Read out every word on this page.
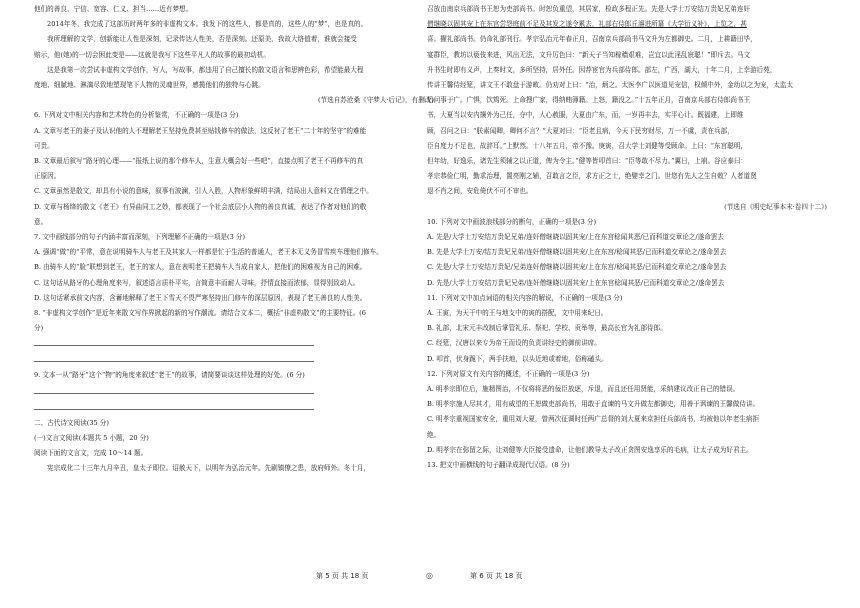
他们的善良、宁信、宽容、仁义、担当……近有梦想。

2014年冬，我完成了这部历时两年多的非虚构文本。我发下的这些人，都是真的，这些人的“梦”，也是真的。

我所理解的文学，创新能让人性是深刻，记录传达人性美，否是深刻。还原美，我故大络值着，谁就会接受

赔示，他(她)的一切会困此变是——这就是我写下这些平凡人的故事的最初动机。

这是我第一次尝试非虚构文学创作，写人，写故事，都违用了自己擅长的散文语言和思辨色彩，希望能最大程

度地、细腻地、淋漓尽致地塑现笔下人物的灵魂世界，感揽他们的独特与心跳。

(节选自苏沧桑《守梦人·后记》，有删改)

6. 下列对文中相关内容和艺术特色的分析鉴赏，不正确的一项是(3 分)

A. 文章写老王的妻子及认识他的人不理解老王坚持免费甚至贴钱修车的做法，这反衬了老王“二十年的坚守”的难能

可贵。

B. 文章最后叙写“路牙的心理——“报纸上说的那个修车人，生意大概会好一些吧”，直接点明了老王不再修车的真

正原因。

C. 文章虽然是散文，却具有小说的意味，叙事有波澜，引人入胜，人物形象鲜明丰满，结局出人意料又在情理之中。

D. 文章与杨绛的散文《老王》有异曲同工之妙，都表现了一个社会底层小人物的善良真诚，表达了作者对他们的敬

意。

7. 文中画线部分的句子内涵丰富而深刻，下列理解不正确的一项是(3 分)

A. 强调“做”的“平常，意在说明骑车人与老王及其家人一样都是忙于生活的普通人，老王本无义务冒雪疾车理他们修车。

B. 由骑车人的“脸”联想到老王，老王的家人，意在表明老王把骑车人当成自家人，把他们的困难视为自己的困难。

C. 这句话从路牙的心理角度来写，叙述语言质朴平实，言简意丰而耐人寻味，抒情直接而浓郁，显得别致动人。

D. 这句话紧承前文内容，含蓄地解释了老王下雪天不畏严寒坚持出门修车的深层原因，表现了老王善良的人性美。

8. “非虚构文学创作”是近年来散文写作界掀起的新的写作潮流。请结合文本二，概括“非虚构散文”的主要特征。(6

分)

9. 文本一从“路牙”这个“物”的角度来叙述“老王”的故事，请简要谈谈这样处理的好处。(6 分)

二、古代诗文阅读(35 分)

(一)文言文阅读(本题共 5 小题，20 分)

阅读下面的文言文，完成 10～14 题。

宪宗成化二十三年九月辛丑，皇太子即位。诏赦天下，以明年为弘治元年。先刷镇僚之患，放府师外。冬十月，

召放由南京兵部尚书王恕为吏部尚书。时恕负重望，其居家，检政多程正先。先是大学士万安结万贵妃兄弟连奸

僧继晓以固其宠上在东宫尝怨庭前不足及其发之遂令累去，礼部右侍郎丘濬进所纂《大学衍义补》，上览之，甚

喜。擢礼部尚书。仍命礼部刊行。孝宗弘治元年春正月，召南京兵部尚书马文升为左都御史。二月，上耕籍田毕，

宴群臣，教坊以亵伎来进，风出无法，文升厉色曰：“新天子当知稼穑艰难，岂宜以此淫乱宸聪！”即斥去。马文

升书生时即有义声，上奏时文，多所坚持，居外任。因荐宦官为兵部侍郎。部左，广西，湖大，十年二月，上幸游后苑，

传讲王馨侍经筵，讲文王不敢盘于游畋。仍劝对上曰：“治，炳之。太医李广以医道见宠信，权倾中外，金幼以之为宠，太监太

后问事于广。广惧，饮鸩死。上命搜广家，得纳贿簿籍。上怒，籍没之。”十五年正月，召南京兵部右侍郎尚书王

书，大夏当以安内攘外为己任，夺中，人心赦服，大夏由广东，而，一岁再丰去，实平心计。既福建，上即维

顾，召问之曰：“朕素闻卿，卿何不言？”大夏对曰：“臣老且病，今天下民穷财尽，万一不虞，责在兵部，

臣自度力不足也，故辞耳。”上默然。十八年五月，帝不豫。庚寅，召大学士刘健等受顾命。上曰：“东宫聪明，

但年幼，好逸乐，诸先生须辅之以正道，俾为令主。”健等皆叩首曰：“臣等敢不尽力。”翼日，上崩。谷应泰曰：

孝宗恭俭仁明，勤求治理，置亮刚之辅，召敢言之臣，求方正之士，绝嬖幸之门。世您有先人之生自敕？人者道贤

退不肖之间，安危倚伏不可不审也。

(节选自《明史纪事本末·卷四十二》)

10. 下列对文中画波浪线部分的断句，正确的一项是(3 分)

A. 先是/大学士万安结万贵妃兄弟/连奸僧继晓以固其宠/上在东宫稔闻其恶/已而科道交章论之/遂命罢去

B. 先是大学士万安/结万贵妃兄弟/连奸僧继晓以固其宠/上在东宫/稔闻其恶/已而科道交章论之/遂命罢去

C. 先是/大学士万安结万贵妃/兄弟连奸僧继晓以固其宠/上在东宫/稔闻其恶/已而科道交章论之/遂命罢去

D. 先是/大学士万安结万贵妃兄弟/连奸僧继晓以固其宠/上在东宫稔闻其恶/已而科道交章论之/遂命罢去

11. 下列对文中加点词语的相关内容的解说，不正确的一项是(3 分)

A. 王寅，为天干中的王与地支中的寅的搭配，文中用来纪日。

B. 礼部，北宋元丰改制后掌管礼乐、祭祀、学校、贡举等，最高长官为礼部侍郎。

C. 经筵，汉唐以来专为帝王而设的负责讲经史的御前讲席。

D. 叩首，伏身跪下，两手扶地，以头近地或着地，俗称磕头。

12. 下列对原文有关内容的概述，不正确的一项是(3 分)

A. 明孝宗即位后，施精图治，不仅将将恶的佞臣放逐，斥退，而且还任用贤能，采纳建议改正自己的错误。

B. 明孝宗施人尽其才，用有威望的王恕做吏部尚书，用敢于直谏的马文升做左都御史，用善于讽谏的王馨做侍讲。

C. 明孝宗重视国家安全，重用刘大夏，曾两次征调时任两广总督的刘大夏来京担任兵部尚书，均被他以年老生病拒

绝。

D. 明孝宗在弥留之际，让刘健等大臣接受遗命，让他们教导太子改正贪图安逸享乐的毛病，让太子成为好君主。

13. 把文中画横线的句子翻译成现代汉语。(8 分)

第 5 页 共 18 页	◎	第 6 页 共 18 页
